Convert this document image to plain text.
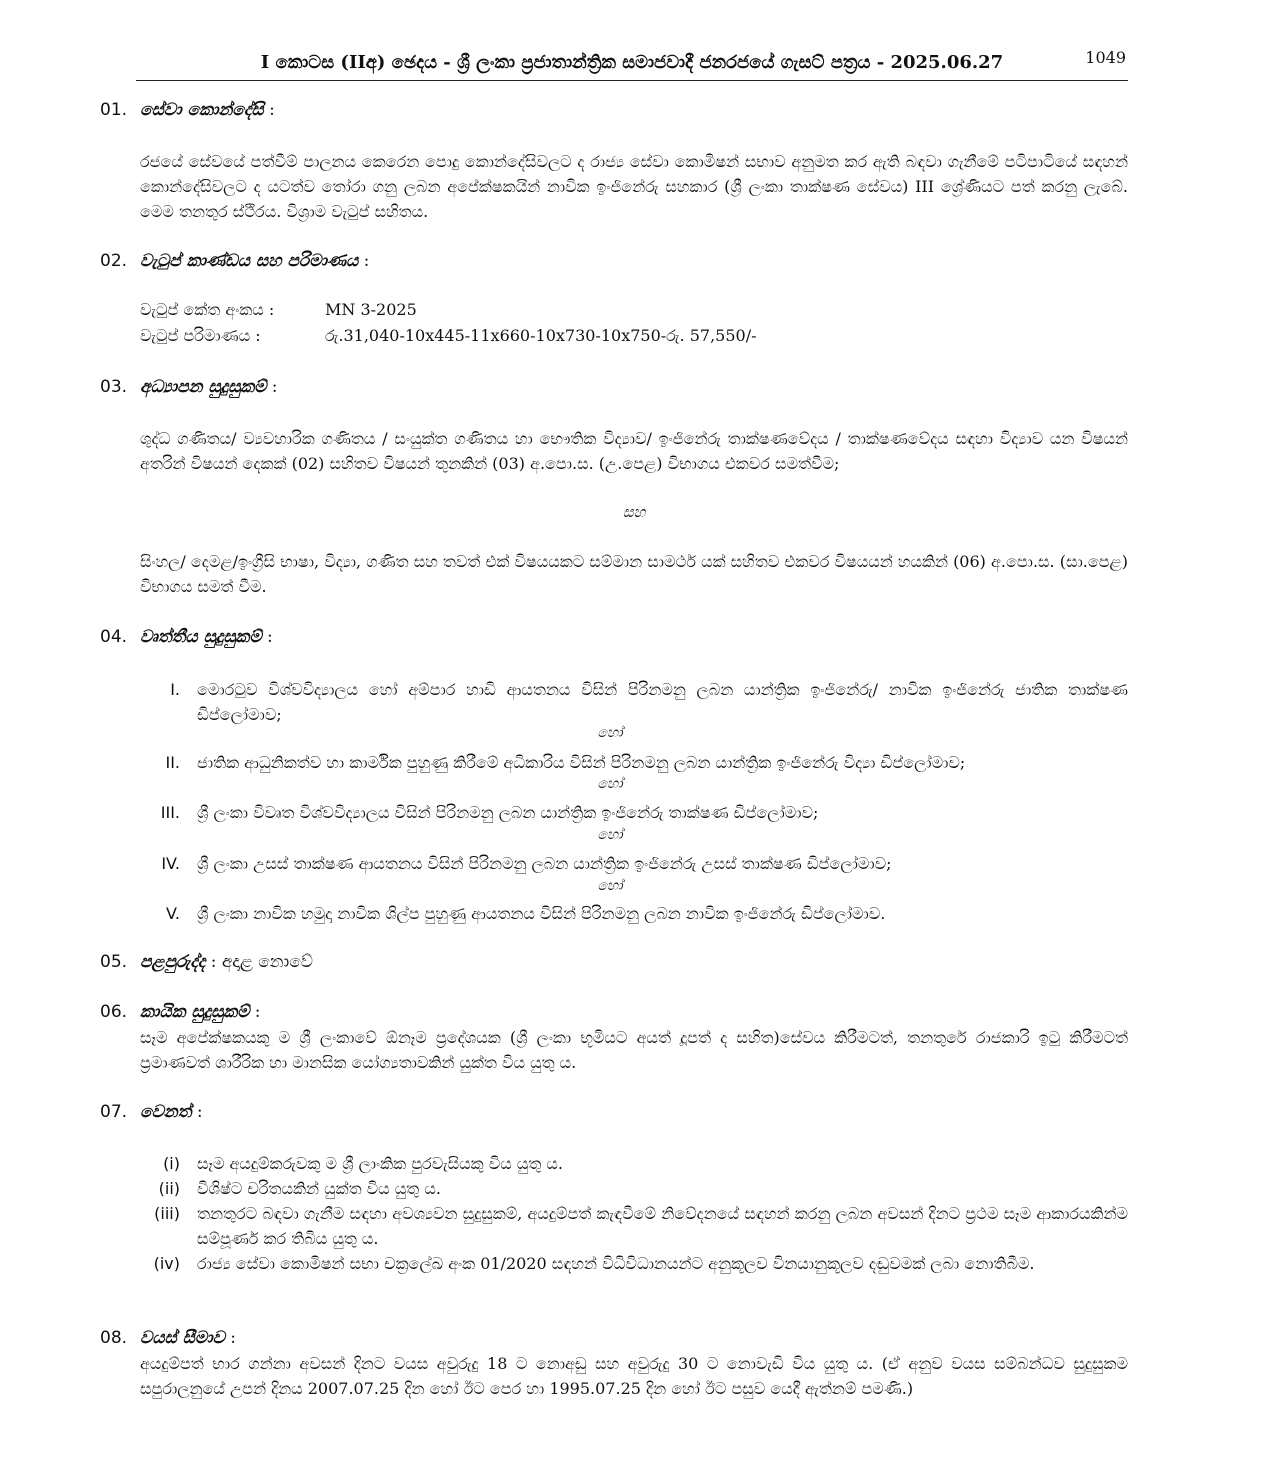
I කොටස (IIඅ) ඡෙදය - ශ්‍රී ලංකා ප්‍රජාතාන්ත්‍රික සමාජවාදී ජනරජයේ ගැසට් පත්‍රය - 2025.06.27	1049
01. සේවා කොන්දේසි :
රජයේ සේවයේ පත්වීම් පාලනය කෙරෙන පොදු කොන්දේසිවලට ද රාජ්‍ය සේවා කොමිෂන් සභාව අනුමත කර ඇති බඳවා ගැනීමේ පටිපාටියේ සඳහන් කොන්දේසිවලට ද යටත්ව තෝරා ගනු ලබන අපේක්ෂකයින් නාවික ඉංජිනේරු සහකාර (ශ්‍රී ලංකා තාක්ෂණ සේවය) III ශ්‍රේණියට පත් කරනු ලැබේ. මෙම තනතුර ස්ථිරය. විශ්‍රාම වැටුප් සහිතය.
02. වැටුප් කාණ්ඩය සහ පරිමාණය :
වැටුප් කේත අංකය :	MN 3-2025
වැටුප් පරිමාණය :	රු.31,040-10x445-11x660-10x730-10x750-රු. 57,550/-
03. අධ්‍යාපන සුදුසුකම් :
ශුද්ධ ගණිතය/ ව්‍යවහාරික ගණිතය / සංයුක්ත ගණිතය හා භෞතික විද්‍යාව/ ඉංජිනේරු තාක්ෂණවේදය / තාක්ෂණවේදය සඳහා විද්‍යාව යන විෂයන් අතරින් විෂයන් දෙකක් (02) සහිතව විෂයන් තුනකින් (03) අ.පො.ස. (උ.පෙළ) විභාගය එකවර සමත්වීම;
සහ
සිංහල/ දෙමළ/ඉංග්‍රීසි භාෂා, විද්‍යා, ගණිත සහ තවත් එක් විෂයයකට සම්මාන සාමර්ථ යක් සහිතව එකවර විෂයයන් හයකින් (06) අ.පො.ස. (සා.පෙළ) විභාගය සමත් වීම.
04. වෘත්තීය සුදුසුකම් :
I. මොරටුව විශ්වවිද්‍යාලය හෝ අම්පාර හාඩි ආයතනය විසින් පිරිනමනු ලබන යාන්ත්‍රික ඉංජිනේරු/ නාවික ඉංජිනේරු ජාතික තාක්ෂණ ඩිප්ලෝමාව;
හෝ
II. ජාතික ආධුනිකත්ව හා කාර්මික පුහුණු කිරීමේ අධිකාරිය විසින් පිරිනමනු ලබන යාන්ත්‍රික ඉංජිනේරු විද්‍යා ඩිප්ලෝමාව;
හෝ
III. ශ්‍රී ලංකා විවෘත විශ්වවිද්‍යාලය විසින් පිරිනමනු ලබන යාන්ත්‍රික ඉංජිනේරු තාක්ෂණ ඩිප්ලෝමාව;
හෝ
IV. ශ්‍රී ලංකා උසස් තාක්ෂණ ආයතනය විසින් පිරිනමනු ලබන යාන්ත්‍රික ඉංජිනේරු උසස් තාක්ෂණ ඩිප්ලෝමාව;
හෝ
V. ශ්‍රී ලංකා නාවික හමුදා නාවික ශිල්ප පුහුණු ආයතනය විසින් පිරිනමනු ලබන නාවික ඉංජිනේරු ඩිප්ලෝමාව.
05. පළපුරුද්ද : අදාළ නොවේ
06. කායික සුදුසුකම් :
සෑම අපේක්ෂකයකු ම ශ්‍රී ලංකාවේ ඕනෑම ප්‍රදේශයක (ශ්‍රී ලංකා භූමියට අයත් දූපත් ද සහිත)සේවය කිරීමටත්, තනතුරේ රාජකාරි ඉටු කිරීමටත් ප්‍රමාණවත් ශාරීරික හා මානසික යෝග්‍යතාවකින් යුක්ත විය යුතු ය.
07. වෙනත් :
(i) සෑම අයදුම්කරුවකු ම ශ්‍රී ලාංකික පුරවැසියකු විය යුතු ය.
(ii) විශිෂ්ට චරිතයකින් යුක්ත විය යුතු ය.
(iii) තනතුරට බඳවා ගැනීම සඳහා අවශ්‍යවන සුදුසුකම්, අයදුම්පත් කැඳවීමේ නිවේදනයේ සඳහන් කරනු ලබන අවසන් දිනට ප්‍රථම සෑම ආකාරයකින්ම සම්පූර්ණ කර තිබිය යුතු ය.
(iv) රාජ්‍ය සේවා කොමිෂන් සභා චක්‍රලේඛ අංක 01/2020 සඳහන් විධිවිධානයන්ට අනුකූලව විනයානුකූලව දඬුවමක් ලබා නොතිබීම.
08. වයස් සීමාව :
අයදුම්පත් භාර ගන්නා අවසන් දිනට වයස අවුරුදු 18 ට නොඅඩු සහ අවුරුදු 30 ට නොවැඩි විය යුතු ය. (ඒ අනුව වයස සම්බන්ධව සුදුසුකම සපුරාලනුයේ උපන් දිනය 2007.07.25 දින හෝ ඊට පෙර හා 1995.07.25 දින හෝ ඊට පසුව යෙදී ඇත්නම් පමණි.)
